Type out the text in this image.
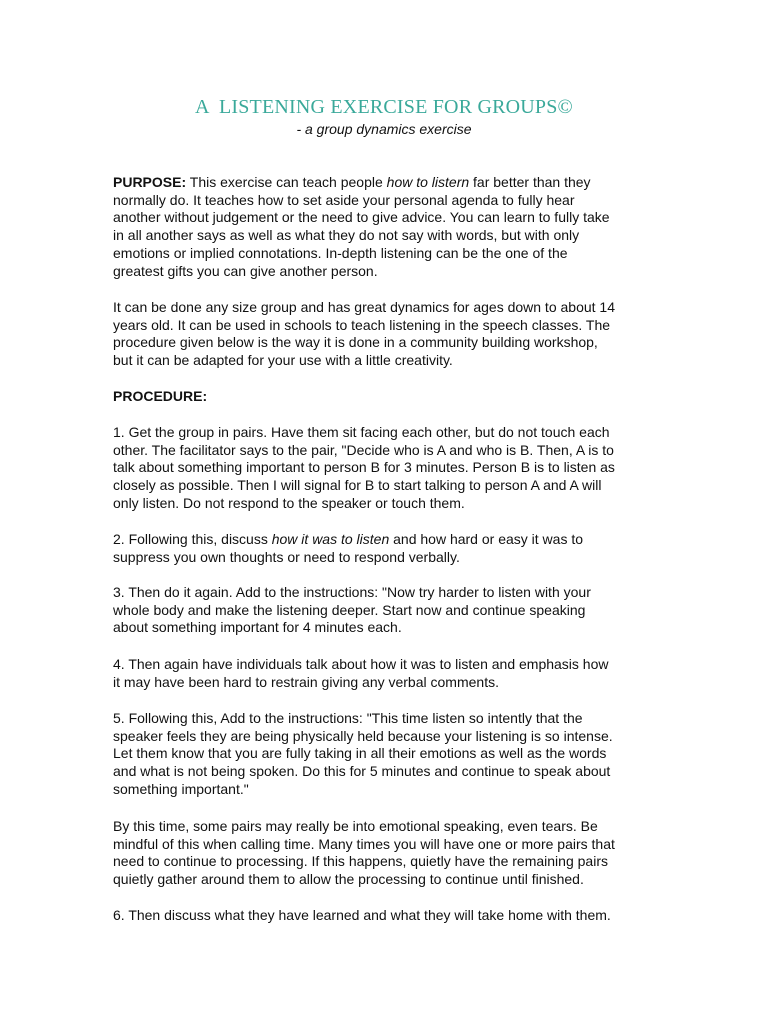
A  LISTENING EXERCISE FOR GROUPS©
- a group dynamics exercise
PURPOSE: This exercise can teach people how to listern far better than they
normally do. It teaches how to set aside your personal agenda to fully hear
another without judgement or the need to give advice. You can learn to fully take
in all another says as well as what they do not say with words, but with only
emotions or implied connotations. In-depth listening can be the one of the
greatest gifts you can give another person.
It can be done any size group and has great dynamics for ages down to about 14
years old. It can be used in schools to teach listening in the speech classes. The
procedure given below is the way it is done in a community building workshop,
but it can be adapted for your use with a little creativity.
PROCEDURE:
1. Get the group in pairs. Have them sit facing each other, but do not touch each
other. The facilitator says to the pair, "Decide who is A and who is B. Then, A is to
talk about something important to person B for 3 minutes. Person B is to listen as
closely as possible. Then I will signal for B to start talking to person A and A will
only listen. Do not respond to the speaker or touch them.
2. Following this, discuss how it was to listen and how hard or easy it was to
suppress you own thoughts or need to respond verbally.
3. Then do it again. Add to the instructions: "Now try harder to listen with your
whole body and make the listening deeper. Start now and continue speaking
about something important for 4 minutes each.
4. Then again have individuals talk about how it was to listen and emphasis how
it may have been hard to restrain giving any verbal comments.
5. Following this, Add to the instructions: "This time listen so intently that the
speaker feels they are being physically held because your listening is so intense.
Let them know that you are fully taking in all their emotions as well as the words
and what is not being spoken. Do this for 5 minutes and continue to speak about
something important."
By this time, some pairs may really be into emotional speaking, even tears. Be
mindful of this when calling time. Many times you will have one or more pairs that
need to continue to processing. If this happens, quietly have the remaining pairs
quietly gather around them to allow the processing to continue until finished.
6. Then discuss what they have learned and what they will take home with them.
